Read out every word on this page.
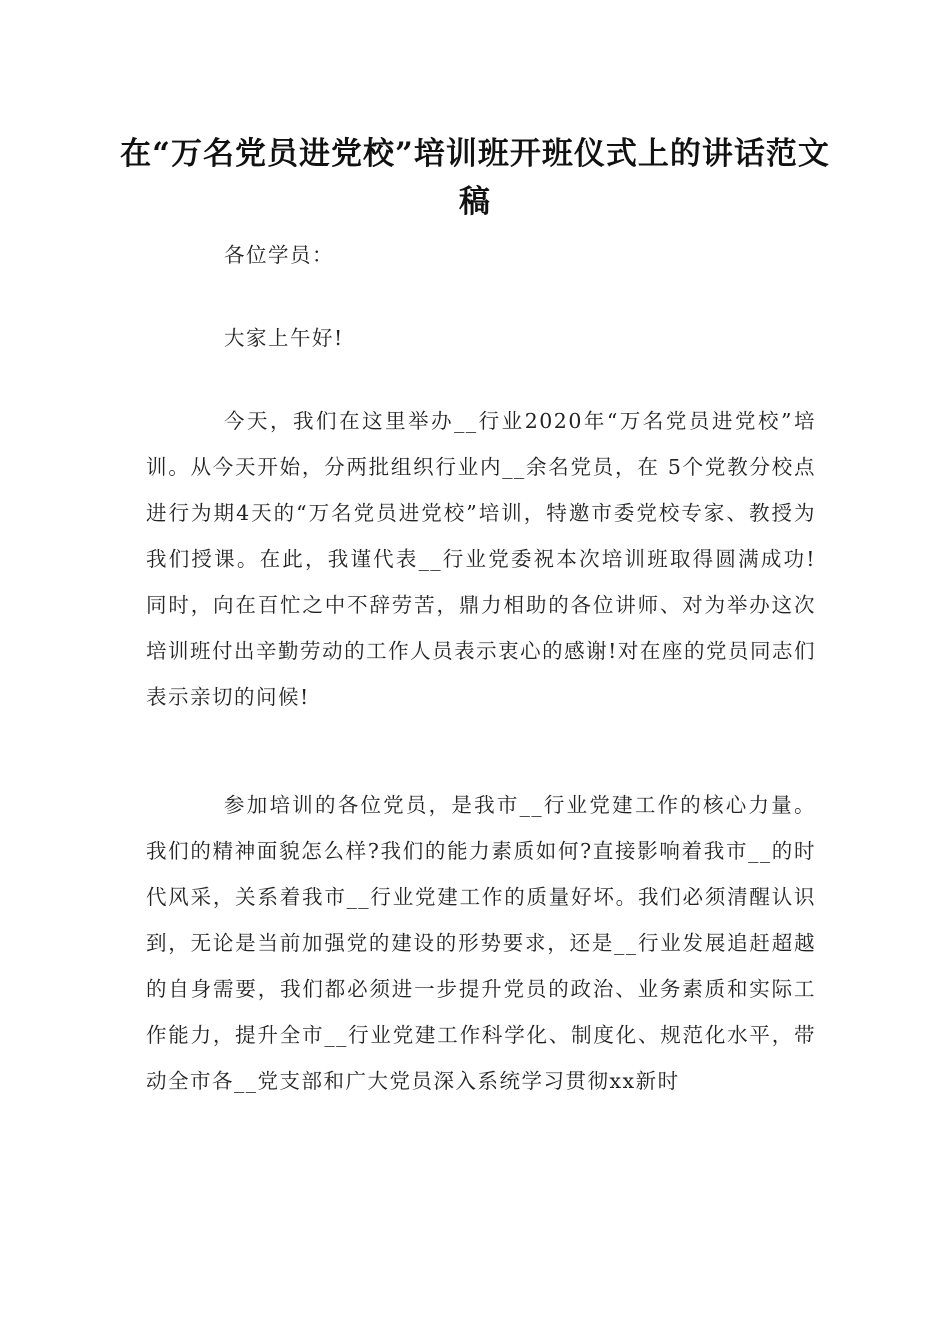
在“万名党员进党校”培训班开班仪式上的讲话范文稿

各位学员：

大家上午好!

今天，我们在这里举办__行业2020年“万名党员进党校”培训。从今天开始，分两批组织行业内__余名党员，在 5个党教分校点进行为期4天的“万名党员进党校”培训，特邀市委党校专家、教授为我们授课。在此，我谨代表__行业党委祝本次培训班取得圆满成功!同时，向在百忙之中不辞劳苦，鼎力相助的各位讲师、对为举办这次培训班付出辛勤劳动的工作人员表示衷心的感谢!对在座的党员同志们表示亲切的问候!

参加培训的各位党员，是我市__行业党建工作的核心力量。我们的精神面貌怎么样?我们的能力素质如何?直接影响着我市__的时代风采，关系着我市__行业党建工作的质量好坏。我们必须清醒认识到，无论是当前加强党的建设的形势要求，还是__行业发展追赶超越的自身需要，我们都必须进一步提升党员的政治、业务素质和实际工作能力，提升全市__行业党建工作科学化、制度化、规范化水平，带动全市各__党支部和广大党员深入系统学习贯彻xx新时
